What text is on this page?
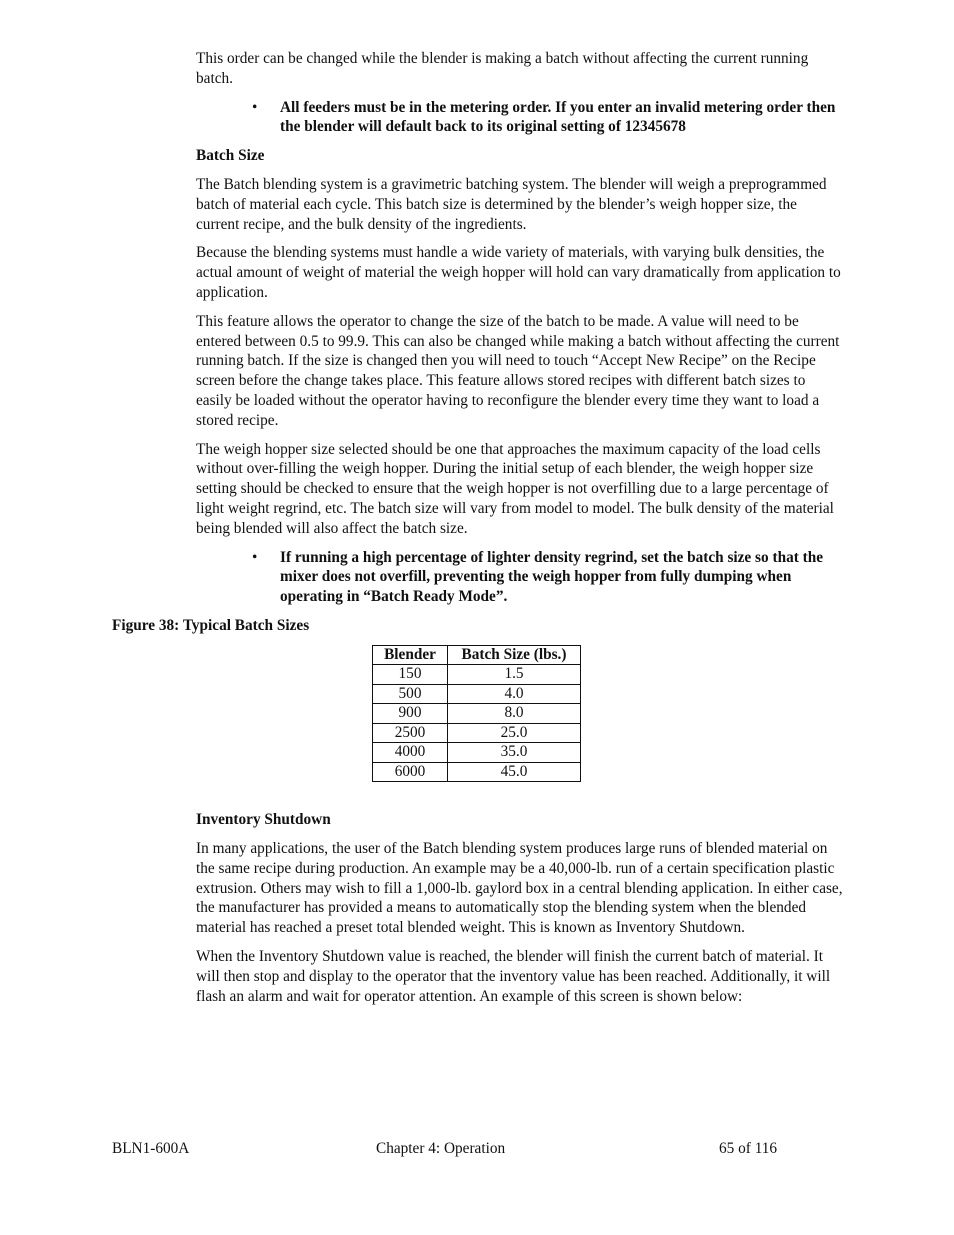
This order can be changed while the blender is making a batch without affecting the current running batch.

• All feeders must be in the metering order. If you enter an invalid metering order then the blender will default back to its original setting of 12345678
Batch Size

The Batch blending system is a gravimetric batching system. The blender will weigh a preprogrammed batch of material each cycle. This batch size is determined by the blender’s weigh hopper size, the current recipe, and the bulk density of the ingredients.

Because the blending systems must handle a wide variety of materials, with varying bulk densities, the actual amount of weight of material the weigh hopper will hold can vary dramatically from application to application.

This feature allows the operator to change the size of the batch to be made. A value will need to be entered between 0.5 to 99.9. This can also be changed while making a batch without affecting the current running batch. If the size is changed then you will need to touch “Accept New Recipe” on the Recipe screen before the change takes place. This feature allows stored recipes with different batch sizes to easily be loaded without the operator having to reconfigure the blender every time they want to load a stored recipe.

The weigh hopper size selected should be one that approaches the maximum capacity of the load cells without over-filling the weigh hopper. During the initial setup of each blender, the weigh hopper size setting should be checked to ensure that the weigh hopper is not overfilling due to a large percentage of light weight regrind, etc. The batch size will vary from model to model. The bulk density of the material being blended will also affect the batch size.

• If running a high percentage of lighter density regrind, set the batch size so that the mixer does not overfill, preventing the weigh hopper from fully dumping when operating in “Batch Ready Mode”.
Figure 38: Typical Batch Sizes
Blender	Batch Size (lbs.)
150	1.5
500	4.0
900	8.0
2500	25.0
4000	35.0
6000	45.0
Inventory Shutdown

In many applications, the user of the Batch blending system produces large runs of blended material on the same recipe during production. An example may be a 40,000-lb. run of a certain specification plastic extrusion. Others may wish to fill a 1,000-lb. gaylord box in a central blending application. In either case, the manufacturer has provided a means to automatically stop the blending system when the blended material has reached a preset total blended weight. This is known as Inventory Shutdown.

When the Inventory Shutdown value is reached, the blender will finish the current batch of material. It will then stop and display to the operator that the inventory value has been reached. Additionally, it will flash an alarm and wait for operator attention. An example of this screen is shown below:

BLN1-600A	Chapter 4: Operation	65 of 116
